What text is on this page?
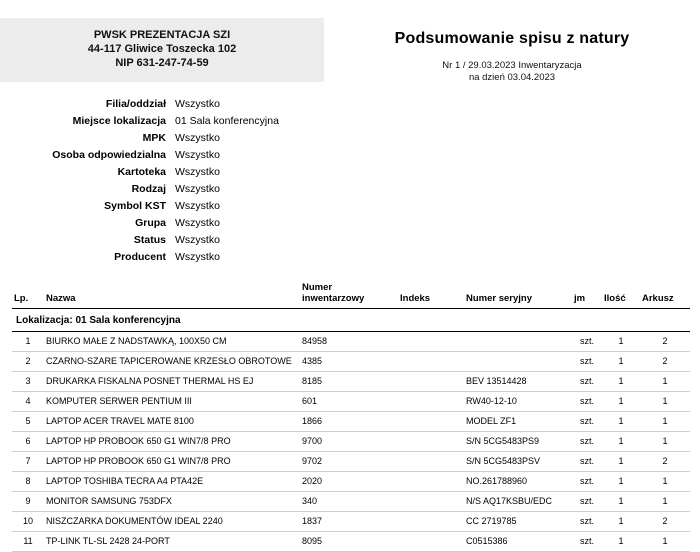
PWSK PREZENTACJA SZI
44-117 Gliwice Toszecka 102
NIP 631-247-74-59
Podsumowanie spisu z natury
Nr 1 / 29.03.2023 Inwentaryzacja
na dzień 03.04.2023
Filia/oddział Wszystko
Miejsce lokalizacja 01 Sala konferencyjna
MPK Wszystko
Osoba odpowiedzialna Wszystko
Kartoteka Wszystko
Rodzaj Wszystko
Symbol KST Wszystko
Grupa Wszystko
Status Wszystko
Producent Wszystko
Lp.	Nazwa	Numer inwentarzowy	Indeks	Numer seryjny	jm	Ilość	Arkusz
Lokalizacja: 01 Sala konferencyjna							
1	BIURKO MAŁE Z NADSTAWKĄ, 100X50 CM	84958			szt.	1	2
2	CZARNO-SZARE TAPICEROWANE KRZESŁO OBROTOWE	4385			szt.	1	2
3	DRUKARKA FISKALNA POSNET THERMAL HS EJ	8185		BEV 13514428	szt.	1	1
4	KOMPUTER SERWER PENTIUM III	601		RW40-12-10	szt.	1	1
5	LAPTOP ACER TRAVEL MATE 8100	1866		MODEL ZF1	szt.	1	1
6	LAPTOP HP PROBOOK 650 G1 WIN7/8 PRO	9700		S/N 5CG5483PS9	szt.	1	1
7	LAPTOP HP PROBOOK 650 G1 WIN7/8 PRO	9702		S/N 5CG5483PSV	szt.	1	2
8	LAPTOP TOSHIBA TECRA A4 PTA42E	2020		NO.261788960	szt.	1	1
9	MONITOR SAMSUNG 753DFX	340		N/S AQ17KSBU/EDC	szt.	1	1
10	NISZCZARKA DOKUMENTÓW IDEAL 2240	1837		CC 2719785	szt.	1	2
11	TP-LINK TL-SL 2428 24-PORT	8095		C0515386	szt.	1	1
